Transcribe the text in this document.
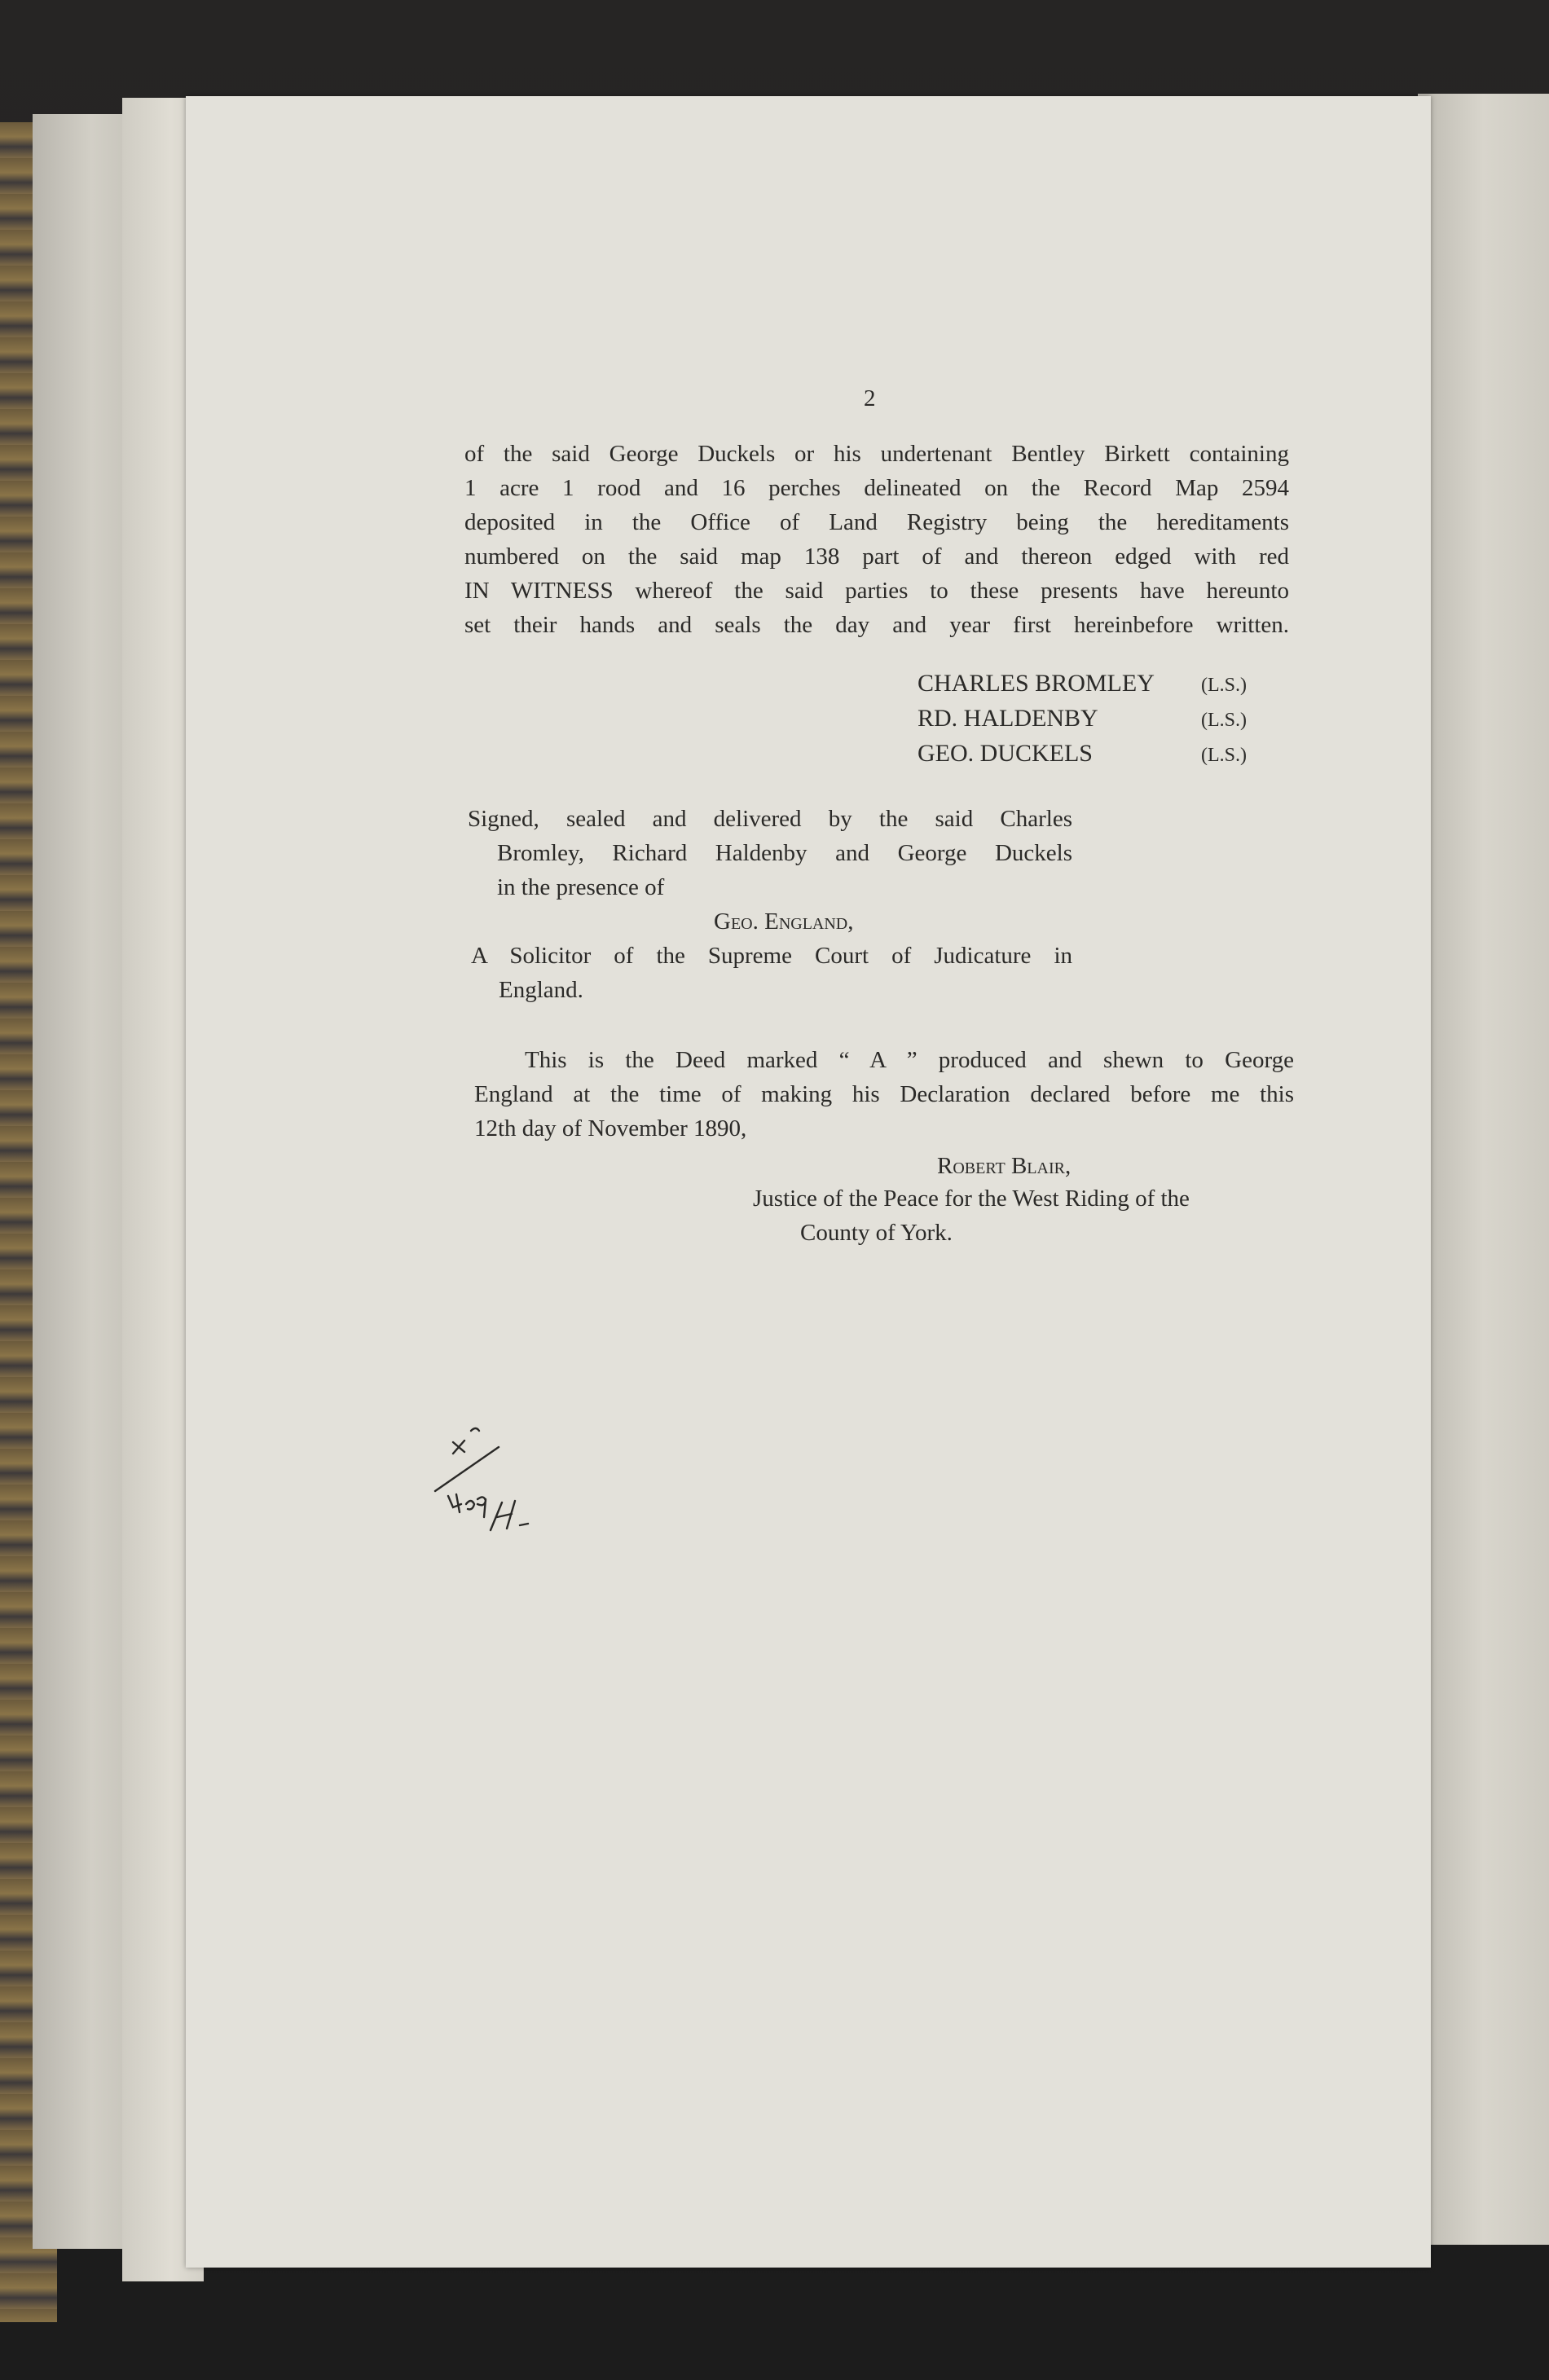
2
of the said George Duckels or his undertenant Bentley Birkett containing
1 acre 1 rood and 16 perches delineated on the Record Map 2594
deposited in the Office of Land Registry being the hereditaments
numbered on the said map 138 part of and thereon edged with red
IN WITNESS whereof the said parties to these presents have hereunto
set their hands and seals the day and year first hereinbefore written.
CHARLES BROMLEY (L.S.)
RD. HALDENBY	(L.S.)
GEO. DUCKELS	(L.S.)
Signed, sealed and delivered by the said Charles
Bromley, Richard Haldenby and George Duckels
in the presence of
Geo. England,
A Solicitor of the Supreme Court of Judicature in
England.
This is the Deed marked “ A ” produced and shewn to George
England at the time of making his Declaration declared before me this
12th day of November 1890,
Robert Blair,
Justice of the Peace for the West Riding of the
County of York.
